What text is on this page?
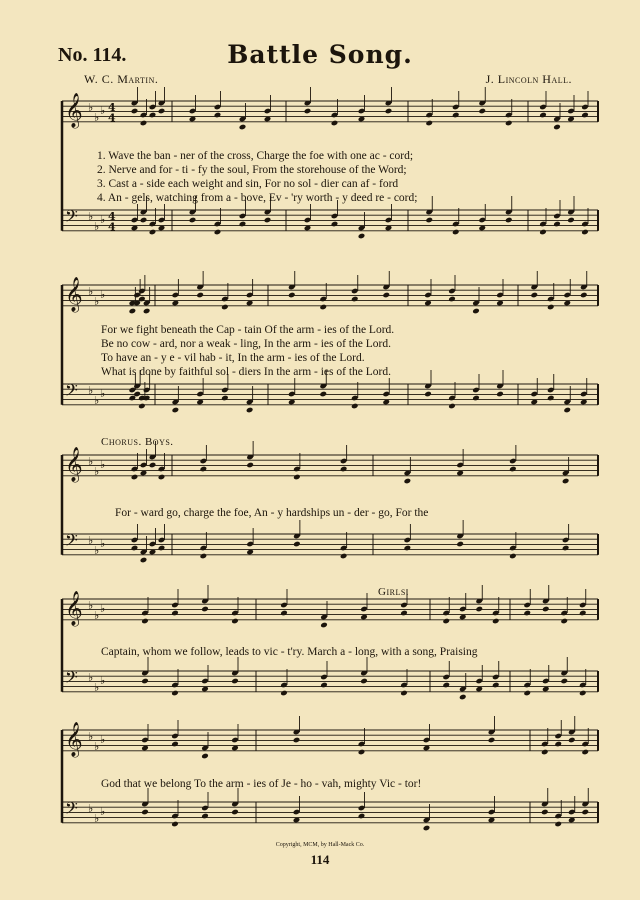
No. 114.	Battle Song.
W. C. Martin.	J. Lincoln Hall.
𝄞 ♭
♭
♭ 4
4
𝄢 ♭
♭
♭ 4
4
𝄞 ♭
♭
♭
𝄢 ♭
♭
♭
𝄞 ♭
♭
♭
𝄢 ♭
♭
♭
𝄞 ♭
♭
♭
𝄢 ♭
♭
♭
𝄞 ♭
♭
♭
𝄢 ♭
♭
♭
1. Wave the ban - ner of the cross, Charge the foe with one ac - cord;
2. Nerve and for - ti - fy the soul, From the storehouse of the Word;
3. Cast a - side each weight and sin, For no sol - dier can af - ford
4. An - gels, watching from a - bove, Ev - 'ry worth - y deed re - cord;
For we fight beneath the Cap - tain Of the arm - ies of the Lord.
Be no cow - ard, nor a weak - ling, In the arm - ies of the Lord.
To have an - y e - vil hab - it, In the arm - ies of the Lord.
What is done by faithful sol - diers In the arm - ies of the Lord.
Chorus. Boys.
For - ward go, charge the foe, An - y hardships un - der - go, For the
Girls.
Captain, whom we follow, leads to vic - t'ry. March a - long, with a song, Praising
God that we belong To the arm - ies of Je - ho - vah, mighty Vic - tor!
Copyright, MCM, by Hall-Mack Co.
114
